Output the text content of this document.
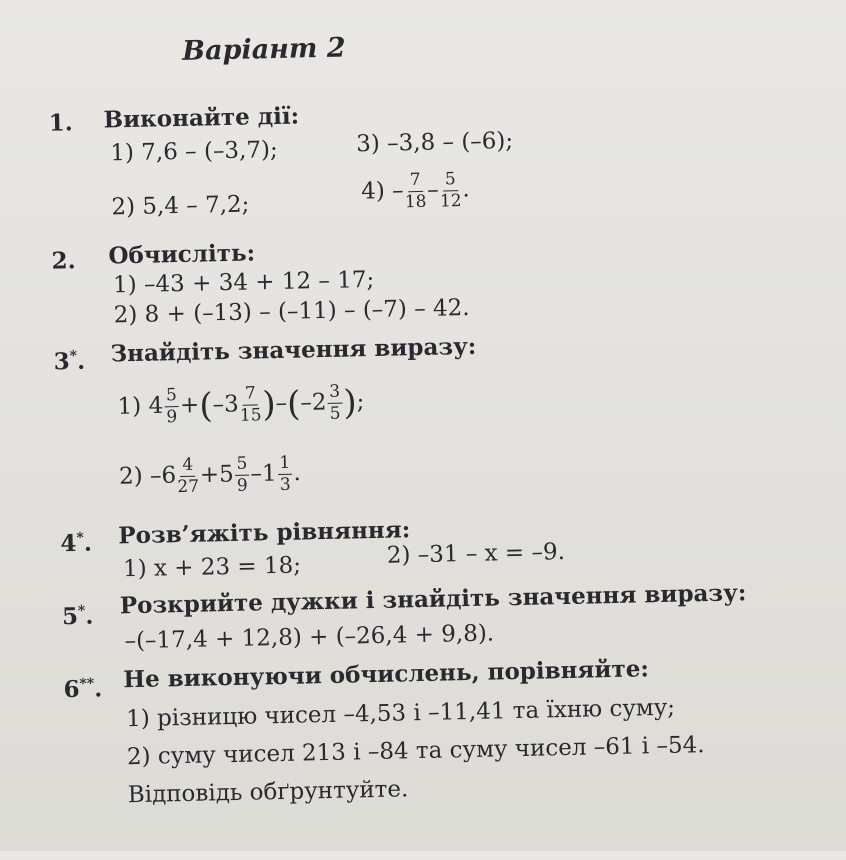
Варіант 2
1. Виконайте дії:
1) 7,6 – (–3,7);	3) –3,8 – (–6);
2) 5,4 – 7,2;
$4) - \frac{7}{18} - \frac{5}{12}$ .
2. Обчисліть:
1) –43 + 34 + 12 – 17;
2) 8 + (–13) – (–11) – (–7) – 42.
3*. Знайдіть значення виразу:
1) $4 \frac{5}{9} +(-3 \frac{7}{15} )-(-2 \frac{3}{5}$ );
2) $-6 \frac{4}{27} +5 \frac{5}{9} -1 \frac{1}{3}$ .
4*. Розв’яжіть рівняння:
1) x + 23 = 18;	2) –31 – x = –9.
5*. Розкрийте дужки і знайдіть значення виразу:
–(–17,4 + 12,8) + (–26,4 + 9,8).
6**. Не виконуючи обчислень, порівняйте:
1) різницю чисел –4,53 і –11,41 та їхню суму;
2) суму чисел 213 і –84 та суму чисел –61 і –54.
Відповідь обґрунтуйте.
